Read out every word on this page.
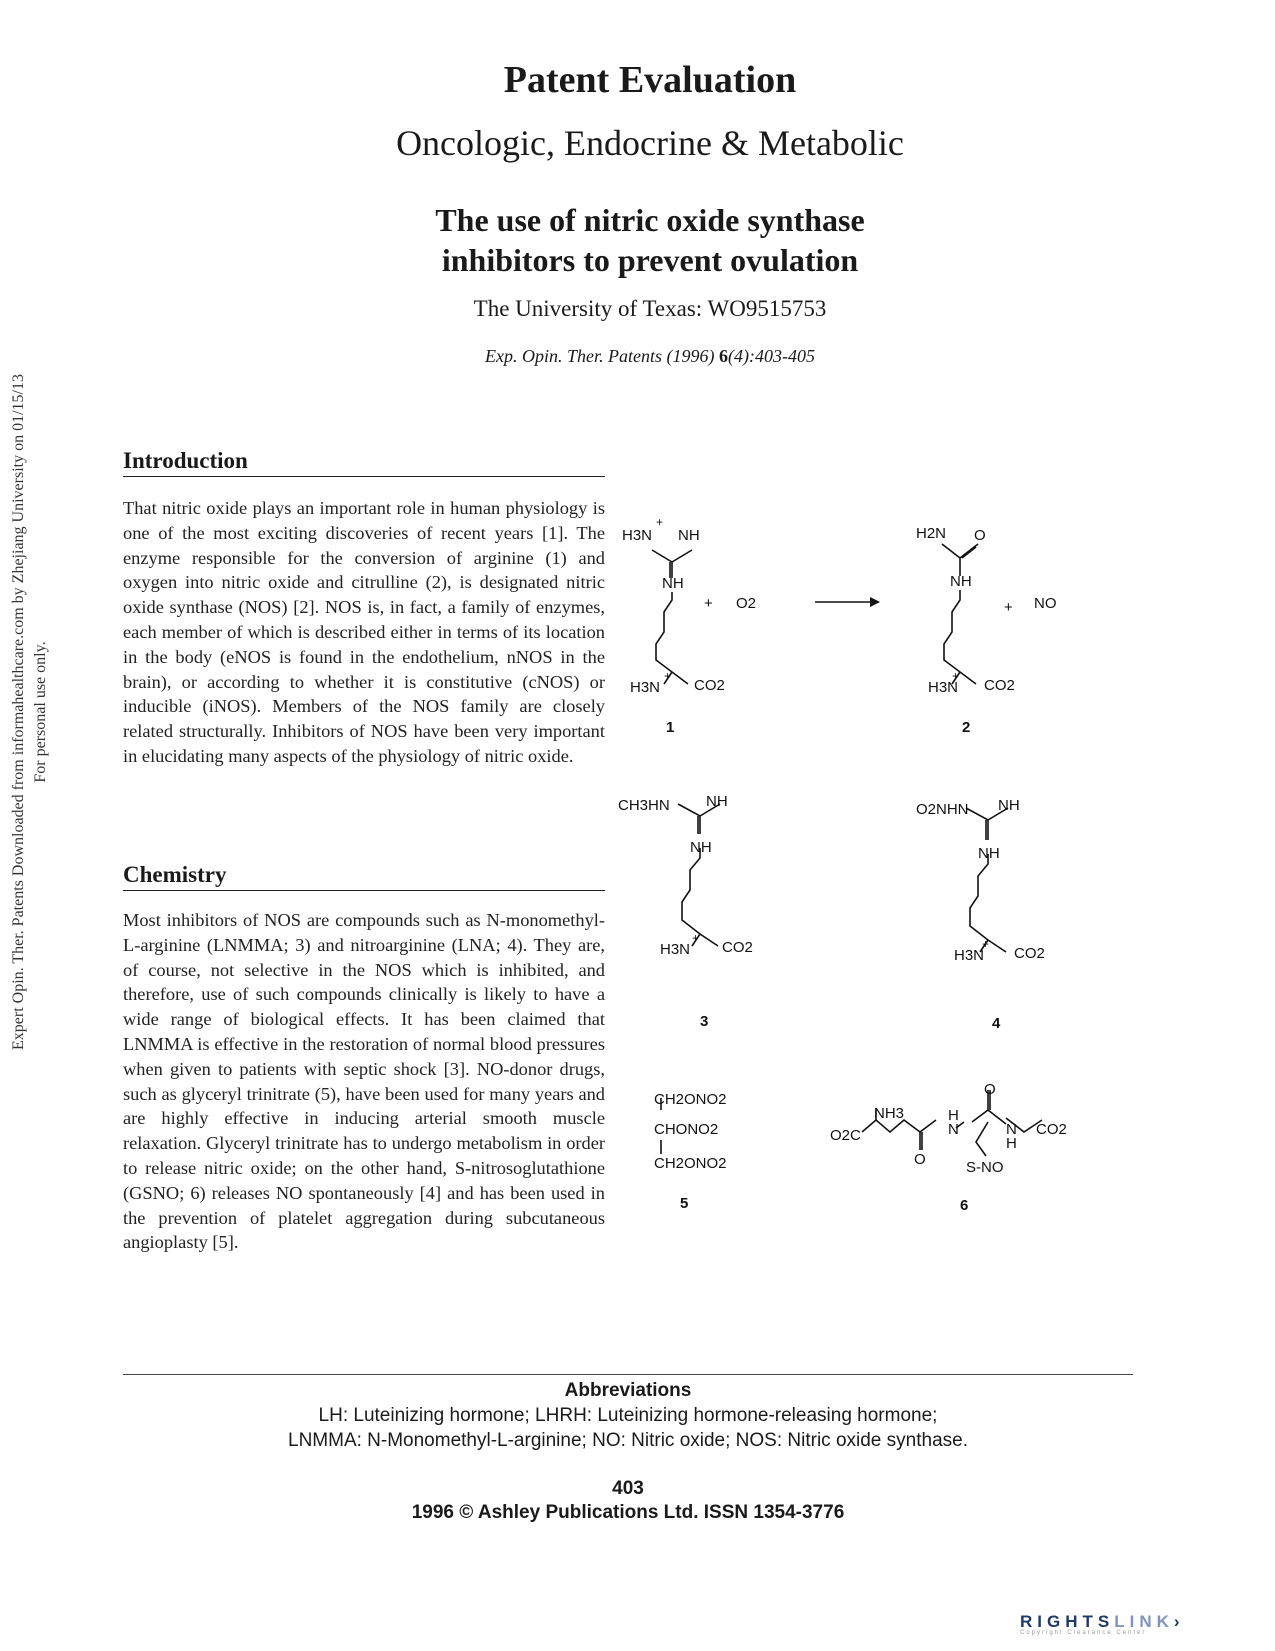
Expert Opin. Ther. Patents Downloaded from informahealthcare.com by Zhejiang University on 01/15/13 For personal use only.
Patent Evaluation
Oncologic, Endocrine & Metabolic
The use of nitric oxide synthase
inhibitors to prevent ovulation
The University of Texas: WO9515753
Exp. Opin. Ther. Patents (1996) 6(4):403-405
Introduction
That nitric oxide plays an important role in human physiology is one of the most exciting discoveries of recent years [1]. The enzyme responsible for the conversion of arginine (1) and oxygen into nitric oxide and citrulline (2), is designated nitric oxide synthase (NOS) [2]. NOS is, in fact, a family of enzymes, each member of which is described either in terms of its location in the body (eNOS is found in the endothelium, nNOS in the brain), or according to whether it is constitutive (cNOS) or inducible (iNOS). Members of the NOS family are closely related structurally. Inhibitors of NOS have been very important in elucidating many aspects of the physiology of nitric oxide.
Chemistry
Most inhibitors of NOS are compounds such as N-monomethyl-L-arginine (LNMMA; 3) and nitroarginine (LNA; 4). They are, of course, not selective in the NOS which is inhibited, and therefore, use of such compounds clinically is likely to have a wide range of biological effects. It has been claimed that LNMMA is effective in the restoration of normal blood pressures when given to patients with septic shock [3]. NO-donor drugs, such as glyceryl trinitrate (5), have been used for many years and are highly effective in inducing arterial smooth muscle relaxation. Glyceryl trinitrate has to undergo metabolism in order to release nitric oxide; on the other hand, S-nitrosoglutathione (GSNO; 6) releases NO spontaneously [4] and has been used in the prevention of platelet aggregation during subcutaneous angioplasty [5].
H3N
+
NH
NH
H3N
+
CO2
1
+ O2
H2N O
NH
H3N
+
CO2
2
+ NO
CH3HN NH
NH
H3N
+
CO2
3
O2NHN NH
NH
H3N
+
CO2
4
CH2ONO2
CHONO2
CH2ONO2
5
O2C
NH3	H
N
O
O
N
H
CO2
S-NO
6
Abbreviations
LH: Luteinizing hormone; LHRH: Luteinizing hormone-releasing hormone;
LNMMA: N-Monomethyl-L-arginine; NO: Nitric oxide; NOS: Nitric oxide synthase.
403
1996 © Ashley Publications Ltd. ISSN 1354-3776
RIGHTSLINK›
Copyright Clearance Center
